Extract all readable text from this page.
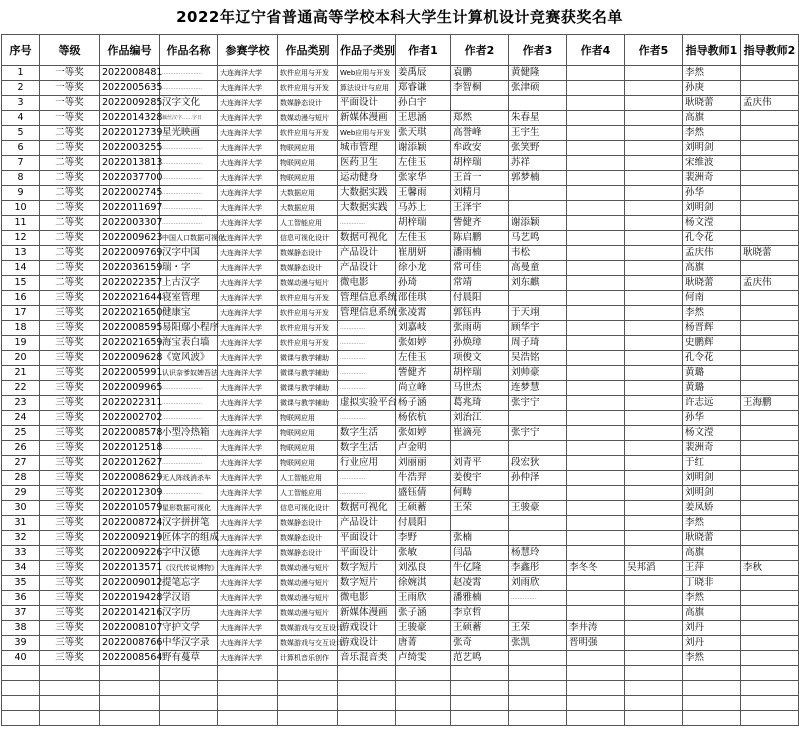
2022年辽宁省普通高等学校本科大学生计算机设计竞赛获奖名单
序号	等级	作品编号	作品名称	参赛学校	作品类别	作品子类别	作者1	作者2	作者3	作者4	作者5	指导教师1	指导教师2
1	一等奖	2022008481	……………………	大连海洋大学	软件应用与开发	Web应用与开发	姜禹辰	袁鹏	黄健隆			李然	
2	一等奖	2022005635	……………………	大连海洋大学	软件应用与开发	算法设计与应用	郑睿谦	李智桐	张津硕			孙庚	
3	一等奖	2022009285	汉字文化	大连海洋大学	数媒静态设计	平面设计	孙白宇					耿晓蕾	孟庆伟
4	一等奖	2022014328	藕丝汉字……字日	大连海洋大学	数媒动漫与短片	新媒体漫画	王思涵	郑然	朱春星			高旗	
5	二等奖	2022012739	星光映画	大连海洋大学	软件应用与开发	Web应用与开发	张天琪	高誉峰	王宇生			李然	
6	二等奖	2022003255	……………………	大连海洋大学	物联网应用	城市管理	谢添颖	牟政安	张笑野			刘明剑	
7	二等奖	2022013813	……………………	大连海洋大学	物联网应用	医药卫生	左佳玉	胡梓瑞	苏祥			宋维波	
8	二等奖	2022037700	……………………	大连海洋大学	物联网应用	运动健身	张家华	王首一	郭梦楠			裴洲奇	
9	二等奖	2022002745	……………………	大连海洋大学	大数据应用	大数据实践	王馨雨	刘精月				孙华	
10	二等奖	2022011697	……………………	大连海洋大学	大数据应用	大数据实践	马苏上	王泽宇				刘明剑	
11	二等奖	2022003307	……………………	大连海洋大学	人工智能应用	……………	胡梓瑞	訾健齐	谢添颖			杨文滢	
12	二等奖	2022009623	中国人口数据可视化	大连海洋大学	信息可视化设计	数据可视化	左佳玉	陈启鹏	马艺鸣			孔令花	
13	二等奖	2022009769	汉字中国	大连海洋大学	数媒静态设计	产品设计	崔朋妍	潘雨楠	韦松			孟庆伟	耿晓蕾
14	二等奖	2022036159	瑞・字	大连海洋大学	数媒静态设计	产品设计	徐小龙	常可佳	高曼童			高旗	
15	二等奖	2022022357	上古汉字	大连海洋大学	数媒动漫与短片	微电影	孙琦	常靖	刘东麒			耿晓蕾	孟庆伟
16	三等奖	2022021644	寝室管理	大连海洋大学	软件应用与开发	管理信息系统	邵佳琪	付晨阳				何南	
17	三等奖	2022021650	健康宝	大连海洋大学	软件应用与开发	管理信息系统	张凌霄	郭钰冉	于天翊			李然	
18	三等奖	2022008595	易阳鄢小程序	大连海洋大学	软件应用与开发	……………	刘嘉岐	张雨萌	顾华宇			杨晋辉	
19	三等奖	2022021659	海宝表白墙	大连海洋大学	软件应用与开发	……………	张如婷	孙焕璋	周子琦			史鹏辉	
20	三等奖	2022009628	《宽风波》	大连海洋大学	微课与教学辅助	……………	左佳玉	项俊文	吴浩铭			孔令花	
21	三等奖	2022005991	认识奈爹奴婢吾法	大连海洋大学	微课与教学辅助	……………	訾健齐	胡梓瑞	刘帅豪			黄璐	
22	三等奖	2022009965	……………………	大连海洋大学	微课与教学辅助	……………	尚立峰	马世杰	连梦慧			黄璐	
23	三等奖	2022022311	……………………	大连海洋大学	微课与教学辅助	虚拟实验平台	杨子涵	葛兆琦	张宇宁			许志远	王海鹏
24	三等奖	2022002702	……………………	大连海洋大学	物联网应用	……………	杨依杭	刘治江				孙华	
25	三等奖	2022008578	小型冷热箱	大连海洋大学	物联网应用	数字生活	张如婷	崔滴亮	张宇宁			杨文滢	
26	三等奖	2022012518	……………………	大连海洋大学	物联网应用	数字生活	卢金明					裴洲奇	
27	三等奖	2022012627	……………………	大连海洋大学	物联网应用	行业应用	刘丽丽	刘青平	段宏狄			于红	
28	三等奖	2022008629	无人阵线消杀车	大连海洋大学	人工智能应用	……………	牛浩羿	姜俊宇	孙仲泽			刘明剑	
29	三等奖	2022012309	……………………	大连海洋大学	人工智能应用	……………	盛钰倩	何畴				刘明剑	
30	三等奖	2022010579	星形数据可视化	大连海洋大学	信息可视化设计	数据可视化	王硕蓄	王荣	王骏豪			姜凤娇	
31	三等奖	2022008724	汉字拼拼笔	大连海洋大学	数媒静态设计	产品设计	付晨阳					李然	
32	三等奖	2022009219	匠体字的组成	大连海洋大学	数媒静态设计	平面设计	李野	张楠				耿晓蕾	
33	三等奖	2022009226	字中汉德	大连海洋大学	数媒静态设计	平面设计	张敏	闫晶	杨慧玲			高旗	
34	三等奖	2022013571	《汉代传说博物》	大连海洋大学	数媒动漫与短片	数字短片	刘泓良	牛亿隆	李鑫彤	李冬冬	吴邦滔	王萍	李秋
35	三等奖	2022009012	提笔忘字	大连海洋大学	数媒动漫与短片	数字短片	徐婉淇	赵凌霄	刘雨欣			丁晓非	
36	三等奖	2022019428	学汉语	大连海洋大学	数媒动漫与短片	微电影	王雨欣	潘雅楠	……………			李然	
37	三等奖	2022014216	汉字历	大连海洋大学	数媒动漫与短片	新媒体漫画	张子涵	李京哲				高旗	
38	三等奖	2022008107	守护文学	大连海洋大学	数媒游戏与交互设计	游戏设计	王骏豪	王硕蓄	王荣	李井涛		刘丹	
39	三等奖	2022008766	中华汉字录	大连海洋大学	数媒游戏与交互设计	游戏设计	唐菁	张奇	张凯	晋明强		刘丹	
40	三等奖	2022008564	野有蔓草	大连海洋大学	计算机音乐创作	音乐混音类	卢绮雯	范艺鸣				李然	
